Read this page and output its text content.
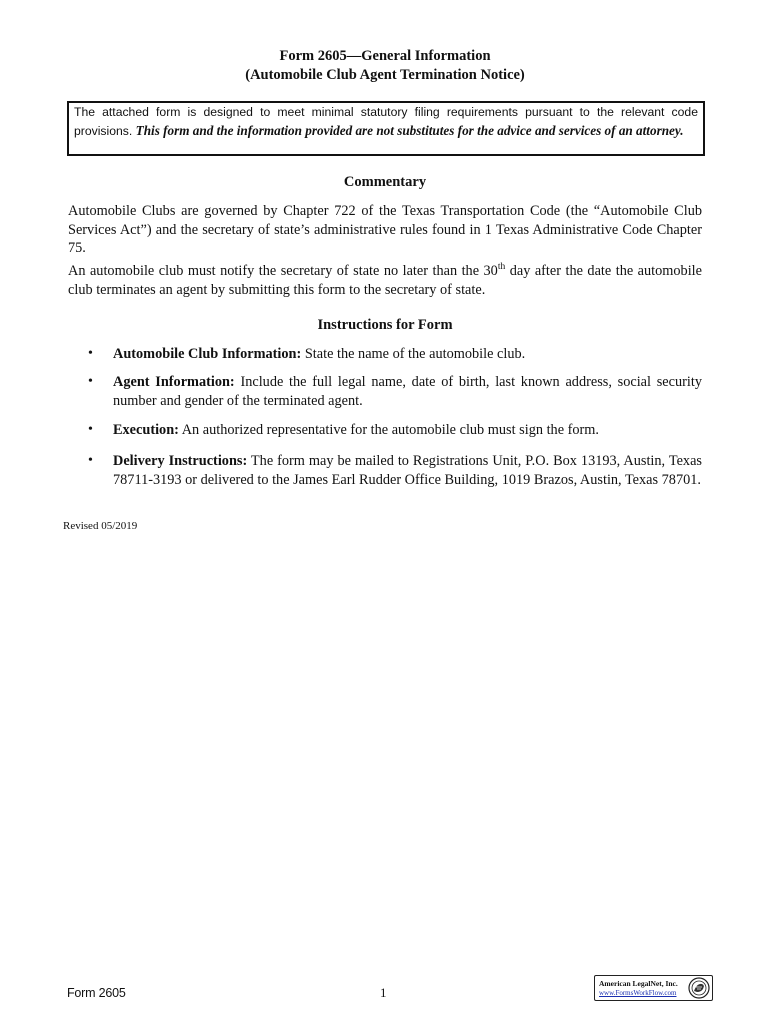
Form 2605—General Information
(Automobile Club Agent Termination Notice)
The attached form is designed to meet minimal statutory filing requirements pursuant to the relevant code provisions. This form and the information provided are not substitutes for the advice and services of an attorney.
Commentary
Automobile Clubs are governed by Chapter 722 of the Texas Transportation Code (the “Automobile Club Services Act”) and the secretary of state’s administrative rules found in 1 Texas Administrative Code Chapter 75.
An automobile club must notify the secretary of state no later than the 30th day after the date the automobile club terminates an agent by submitting this form to the secretary of state.
Instructions for Form
•	Automobile Club Information: State the name of the automobile club.
•	Agent Information: Include the full legal name, date of birth, last known address, social security number and gender of the terminated agent.
•	Execution: An authorized representative for the automobile club must sign the form.
•	Delivery Instructions: The form may be mailed to Registrations Unit, P.O. Box 13193, Austin, Texas 78711-3193 or delivered to the James Earl Rudder Office Building, 1019 Brazos, Austin, Texas 78701.
Revised 05/2019
Form 2605	1
American LegalNet, Inc.
www.FormsWorkFlow.com
